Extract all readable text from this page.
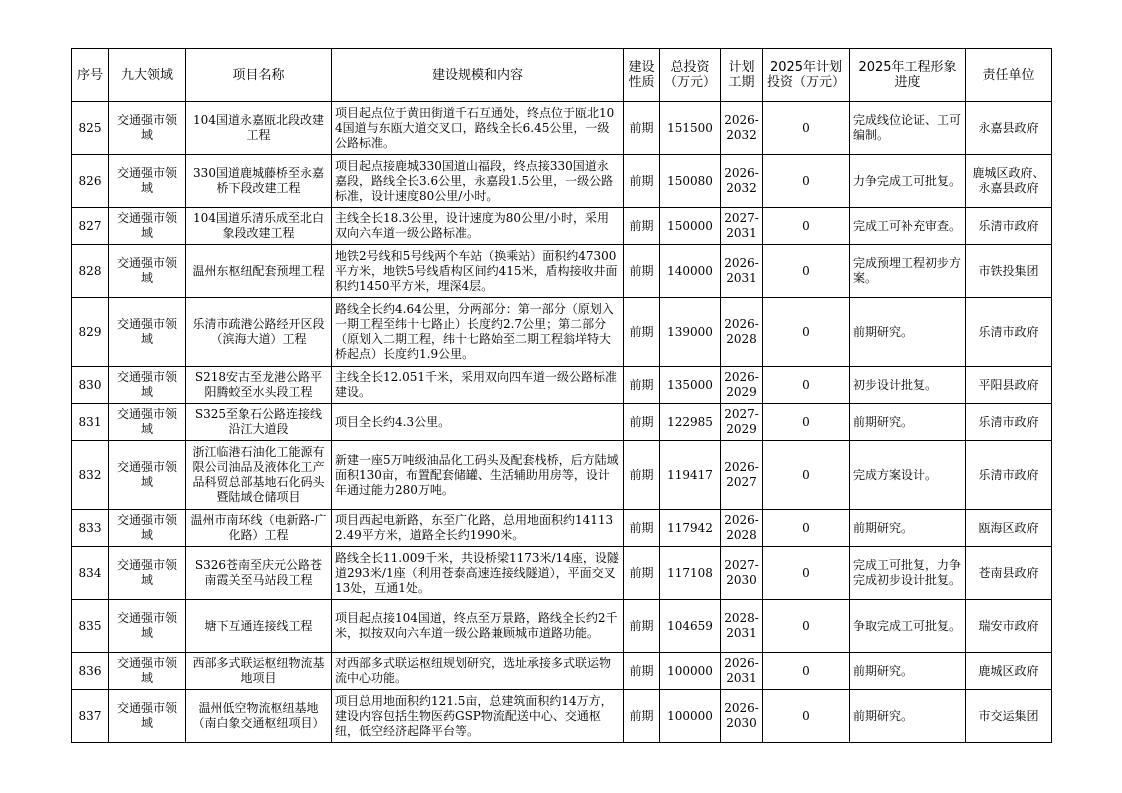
序号	九大领域	项目名称	建设规模和内容	建设性质	总投资（万元）	计划工期	2025年计划投资（万元）	2025年工程形象进度	责任单位
825	交通强市领域	104国道永嘉瓯北段改建工程	项目起点位于黄田街道千石互通处，终点位于瓯北104国道与东瓯大道交叉口，路线全长6.45公里，一级公路标准。	前期	151500	2026-2032	0	完成线位论证、工可编制。	永嘉县政府
826	交通强市领域	330国道鹿城藤桥至永嘉桥下段改建工程	项目起点接鹿城330国道山福段，终点接330国道永嘉段，路线全长3.6公里，永嘉段1.5公里，一级公路标准，设计速度80公里/小时。	前期	150080	2026-2032	0	力争完成工可批复。	鹿城区政府、永嘉县政府
827	交通强市领域	104国道乐清乐成至北白象段改建工程	主线全长18.3公里，设计速度为80公里/小时，采用双向六车道一级公路标准。	前期	150000	2027-2031	0	完成工可补充审查。	乐清市政府
828	交通强市领域	温州东枢纽配套预埋工程	地铁2号线和5号线两个车站（换乘站）面积约47300平方米，地铁5号线盾构区间约415米，盾构接收井面积约1450平方米，埋深4层。	前期	140000	2026-2031	0	完成预埋工程初步方案。	市铁投集团
829	交通强市领域	乐清市疏港公路经开区段（滨海大道）工程	路线全长约4.64公里，分两部分：第一部分（原划入一期工程至纬十七路止）长度约2.7公里；第二部分（原划入二期工程，纬十七路始至二期工程翁垟特大桥起点）长度约1.9公里。	前期	139000	2026-2028	0	前期研究。	乐清市政府
830	交通强市领域	S218安古至龙港公路平阳腾蛟至水头段工程	主线全长12.051千米，采用双向四车道一级公路标准建设。	前期	135000	2026-2029	0	初步设计批复。	平阳县政府
831	交通强市领域	S325至象石公路连接线沿江大道段	项目全长约4.3公里。	前期	122985	2027-2029	0	前期研究。	乐清市政府
832	交通强市领域	浙江临港石油化工能源有限公司油品及液体化工产品科贸总部基地石化码头暨陆域仓储项目	新建一座5万吨级油品化工码头及配套栈桥，后方陆域面积130亩，布置配套储罐、生活辅助用房等，设计年通过能力280万吨。	前期	119417	2026-2027	0	完成方案设计。	乐清市政府
833	交通强市领域	温州市南环线（电新路-广化路）工程	项目西起电新路，东至广化路，总用地面积约141132.49平方米，道路全长约1990米。	前期	117942	2026-2028	0	前期研究。	瓯海区政府
834	交通强市领域	S326苍南至庆元公路苍南霞关至马站段工程	路线全长11.009千米，共设桥梁1173米/14座，设隧道293米/1座（利用苍泰高速连接线隧道），平面交叉13处，互通1处。	前期	117108	2027-2030	0	完成工可批复，力争完成初步设计批复。	苍南县政府
835	交通强市领域	塘下互通连接线工程	项目起点接104国道，终点至万景路，路线全长约2千米，拟按双向六车道一级公路兼顾城市道路功能。	前期	104659	2028-2031	0	争取完成工可批复。	瑞安市政府
836	交通强市领域	西部多式联运枢纽物流基地项目	对西部多式联运枢纽规划研究，选址承接多式联运物流中心功能。	前期	100000	2026-2031	0	前期研究。	鹿城区政府
837	交通强市领域	温州低空物流枢纽基地（南白象交通枢纽项目）	项目总用地面积约121.5亩，总建筑面积约14万方，建设内容包括生物医药GSP物流配送中心、交通枢纽，低空经济起降平台等。	前期	100000	2026-2030	0	前期研究。	市交运集团
